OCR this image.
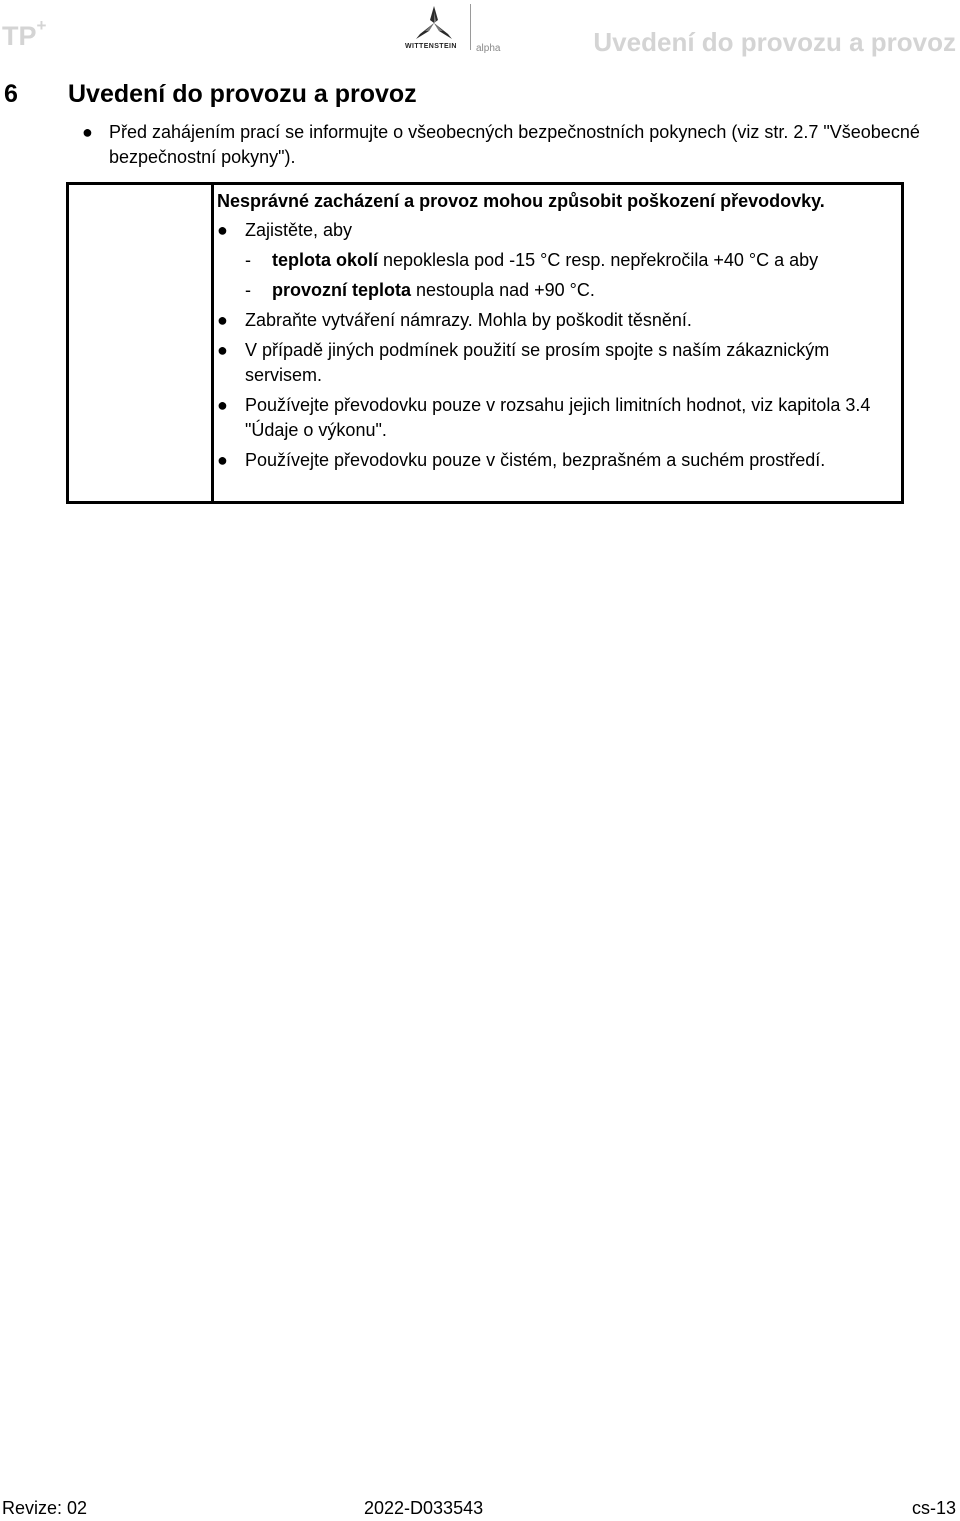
TP+
WITTENSTEIN alpha	Uvedení do provozu a provoz
6 Uvedení do provozu a provoz
● Před zahájením prací se informujte o všeobecných bezpečnostních pokynech (viz str. 2.7 "Všeobecné bezpečnostní pokyny").
Nesprávné zacházení a provoz mohou způsobit poškození převodovky.
● Zajistěte, aby
- teplota okolí nepoklesla pod -15 °C resp. nepřekročila +40 °C a aby
- provozní teplota nestoupla nad +90 °C.
● Zabraňte vytváření námrazy. Mohla by poškodit těsnění.
● V případě jiných podmínek použití se prosím spojte s naším zákaznickým servisem.
● Používejte převodovku pouze v rozsahu jejich limitních hodnot, viz kapitola 3.4 "Údaje o výkonu".
● Používejte převodovku pouze v čistém, bezprašném a suchém prostředí.
Revize: 02	2022-D033543	cs-13
